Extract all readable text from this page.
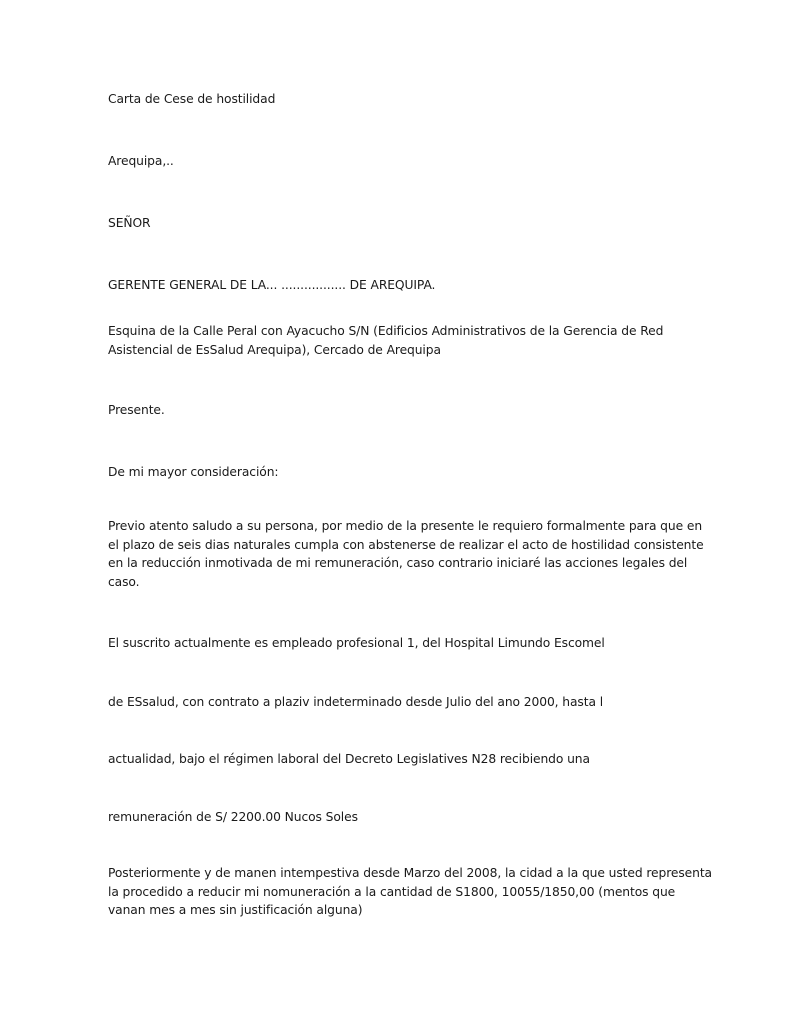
Carta de Cese de hostilidad
Arequipa,..
SEÑOR
GERENTE GENERAL DE LA... ................. DE AREQUIPA.
Esquina de la Calle Peral con Ayacucho S/N (Edificios Administrativos de la Gerencia de Red
Asistencial de EsSalud Arequipa), Cercado de Arequipa
Presente.
De mi mayor consideración:
Previo atento saludo a su persona, por medio de la presente le requiero formalmente para que en
el plazo de seis dias naturales cumpla con abstenerse de realizar el acto de hostilidad consistente
en la reducción inmotivada de mi remuneración, caso contrario iniciaré las acciones legales del
caso.
El suscrito actualmente es empleado profesional 1, del Hospital Limundo Escomel
de ESsalud, con contrato a plaziv indeterminado desde Julio del ano 2000, hasta l
actualidad, bajo el régimen laboral del Decreto Legislatives N28 recibiendo una
remuneración de S/ 2200.00 Nucos Soles
Posteriormente y de manen intempestiva desde Marzo del 2008, la cidad a la que usted representa
la procedido a reducir mi nomuneración a la cantidad de S1800, 10055/1850,00 (mentos que
vanan mes a mes sin justificación alguna)
